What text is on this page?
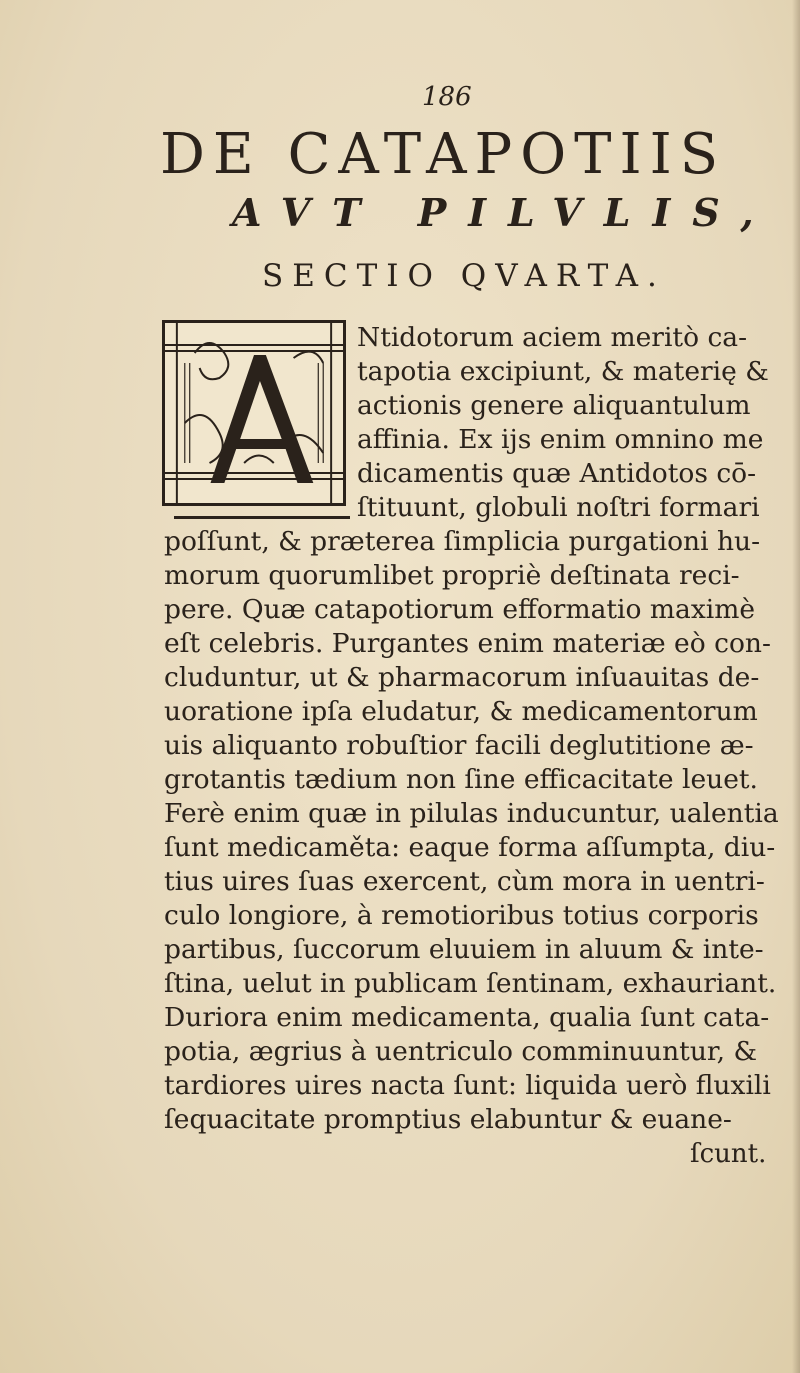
186
DE CATAPOTIIS
AVT PILVLIS,
SECTIO QVARTA.
Ntidotorum aciem meritò ca-
tapotia excipiunt, & materię &
actionis genere aliquantulum
affinia. Ex ijs enim omnino me
dicamentis quæ Antidotos cō-
ſtituunt, globuli noſtri formari
poſſunt, & præterea ſimplicia purgationi hu-
morum quorumlibet propriè deſtinata reci-
pere. Quæ catapotiorum efformatio maximè
eſt celebris. Purgantes enim materiæ eò con-
cluduntur, ut & pharmacorum inſuauitas de-
uoratione ipſa eludatur, & medicamentorum
uis aliquanto robuſtior facili deglutitione æ-
grotantis tædium non ſine efficacitate leuet.
Ferè enim quæ in pilulas inducuntur, ualentia
ſunt medicaměta: eaque forma aſſumpta, diu-
tius uires ſuas exercent, cùm mora in uentri-
culo longiore, à remotioribus totius corporis
partibus, ſuccorum eluuiem in aluum & inte-
ſtina, uelut in publicam ſentinam, exhauriant.
Duriora enim medicamenta, qualia ſunt cata-
potia, ægrius à uentriculo comminuuntur, &
tardiores uires nacta ſunt: liquida uerò fluxili
ſequacitate promptius elabuntur & euane-
ſcunt.
